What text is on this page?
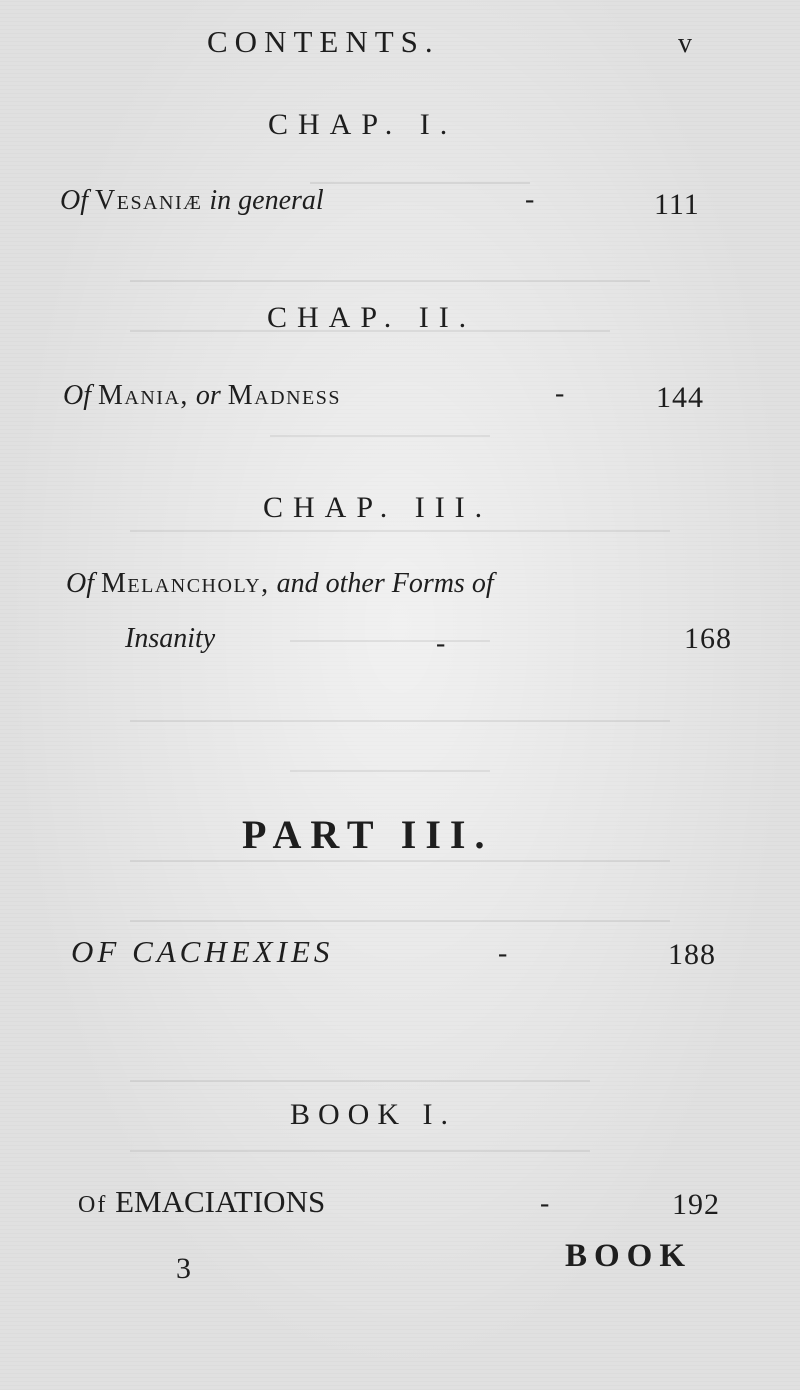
CONTENTS.	v
CHAP. I.
Of Vesaniæ in general	-	111
CHAP. II.
Of Mania, or Madness	-	144
CHAP. III.
Of Melancholy, and other Forms of
Insanity	-	168
PART III.
OF CACHEXIES	-	188
BOOK I.
Of EMACIATIONS	-	192
3	BOOK
